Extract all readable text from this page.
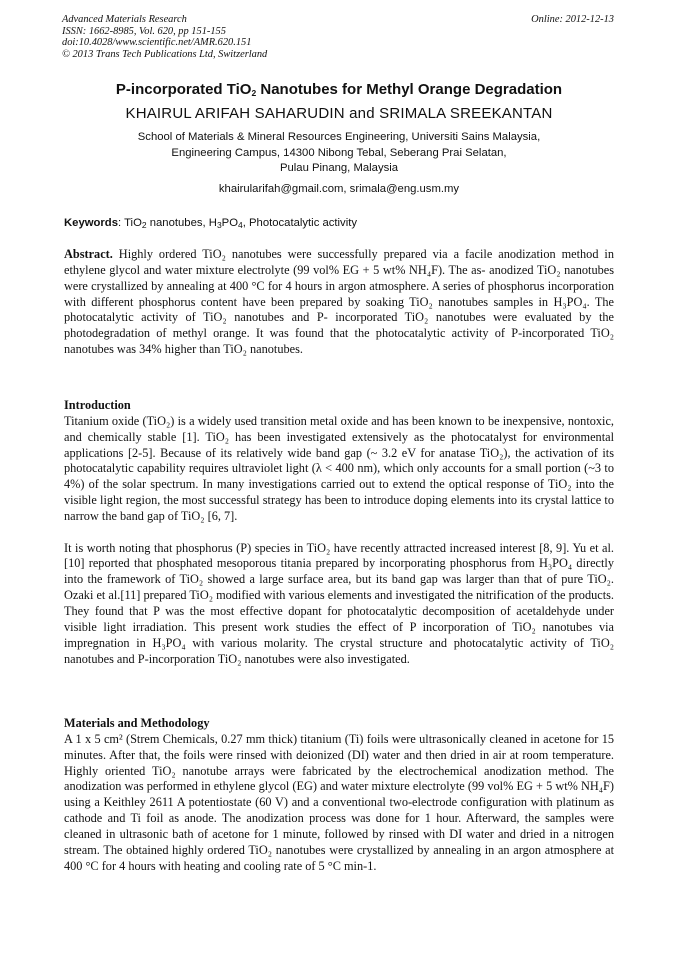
Advanced Materials Research
ISSN: 1662-8985, Vol. 620, pp 151-155
doi:10.4028/www.scientific.net/AMR.620.151
© 2013 Trans Tech Publications Ltd, Switzerland
Online: 2012-12-13
P-incorporated TiO$_2$ Nanotubes for Methyl Orange Degradation
KHAIRUL ARIFAH SAHARUDIN and SRIMALA SREEKANTAN
School of Materials & Mineral Resources Engineering, Universiti Sains Malaysia,
Engineering Campus, 14300 Nibong Tebal, Seberang Prai Selatan,
Pulau Pinang, Malaysia
khairularifah@gmail.com, srimala@eng.usm.my
Keywords: TiO$_2$ nanotubes, $H_3PO_4$, Photocatalytic activity

Abstract. Highly ordered TiO₂ nanotubes were successfully prepared via a facile anodization method in ethylene glycol and water mixture electrolyte (99 vol% EG + 5 wt% NH₄F). The as- anodized TiO₂ nanotubes were crystallized by annealing at 400 °C for 4 hours in argon atmosphere. A series of phosphorus incorporation with different phosphorus content have been prepared by soaking TiO₂ nanotubes samples in H₃PO₄. The photocatalytic activity of TiO₂ nanotubes and P- incorporated TiO₂ nanotubes were evaluated by the photodegradation of methyl orange. It was found that the photocatalytic activity of P-incorporated TiO₂ nanotubes was 34% higher than TiO₂ nanotubes.

Introduction

Titanium oxide (TiO₂) is a widely used transition metal oxide and has been known to be inexpensive, nontoxic, and chemically stable [1]. TiO₂ has been investigated extensively as the photocatalyst for environmental applications [2-5]. Because of its relatively wide band gap (~ 3.2 eV for anatase TiO₂), the activation of its photocatalytic capability requires ultraviolet light (λ < 400 nm), which only accounts for a small portion (~3 to 4%) of the solar spectrum. In many investigations carried out to extend the optical response of TiO₂ into the visible light region, the most successful strategy has been to introduce doping elements into its crystal lattice to narrow the band gap of TiO₂ [6, 7].

It is worth noting that phosphorus (P) species in TiO₂ have recently attracted increased interest [8, 9]. Yu et al.[10] reported that phosphated mesoporous titania prepared by incorporating phosphorus from H₃PO₄ directly into the framework of TiO₂ showed a large surface area, but its band gap was larger than that of pure TiO₂. Ozaki et al.[11] prepared TiO₂ modified with various elements and investigated the nitrification of the products. They found that P was the most effective dopant for photocatalytic decomposition of acetaldehyde under visible light irradiation. This present work studies the effect of P incorporation of TiO₂ nanotubes via impregnation in H₃PO₄ with various molarity. The crystal structure and photocatalytic activity of TiO₂ nanotubes and P-incorporation TiO₂ nanotubes were also investigated.

Materials and Methodology

A 1 x 5 cm² (Strem Chemicals, 0.27 mm thick) titanium (Ti) foils were ultrasonically cleaned in acetone for 15 minutes. After that, the foils were rinsed with deionized (DI) water and then dried in air at room temperature. Highly oriented TiO₂ nanotube arrays were fabricated by the electrochemical anodization method. The anodization was performed in ethylene glycol (EG) and water mixture electrolyte (99 vol% EG + 5 wt% NH₄F) using a Keithley 2611 A potentiostate (60 V) and a conventional two-electrode configuration with platinum as cathode and Ti foil as anode. The anodization process was done for 1 hour. Afterward, the samples were cleaned in ultrasonic bath of acetone for 1 minute, followed by rinsed with DI water and dried in a nitrogen stream. The obtained highly ordered TiO₂ nanotubes were crystallized by annealing in an argon atmosphere at 400 °C for 4 hours with heating and cooling rate of 5 °C min-1.
